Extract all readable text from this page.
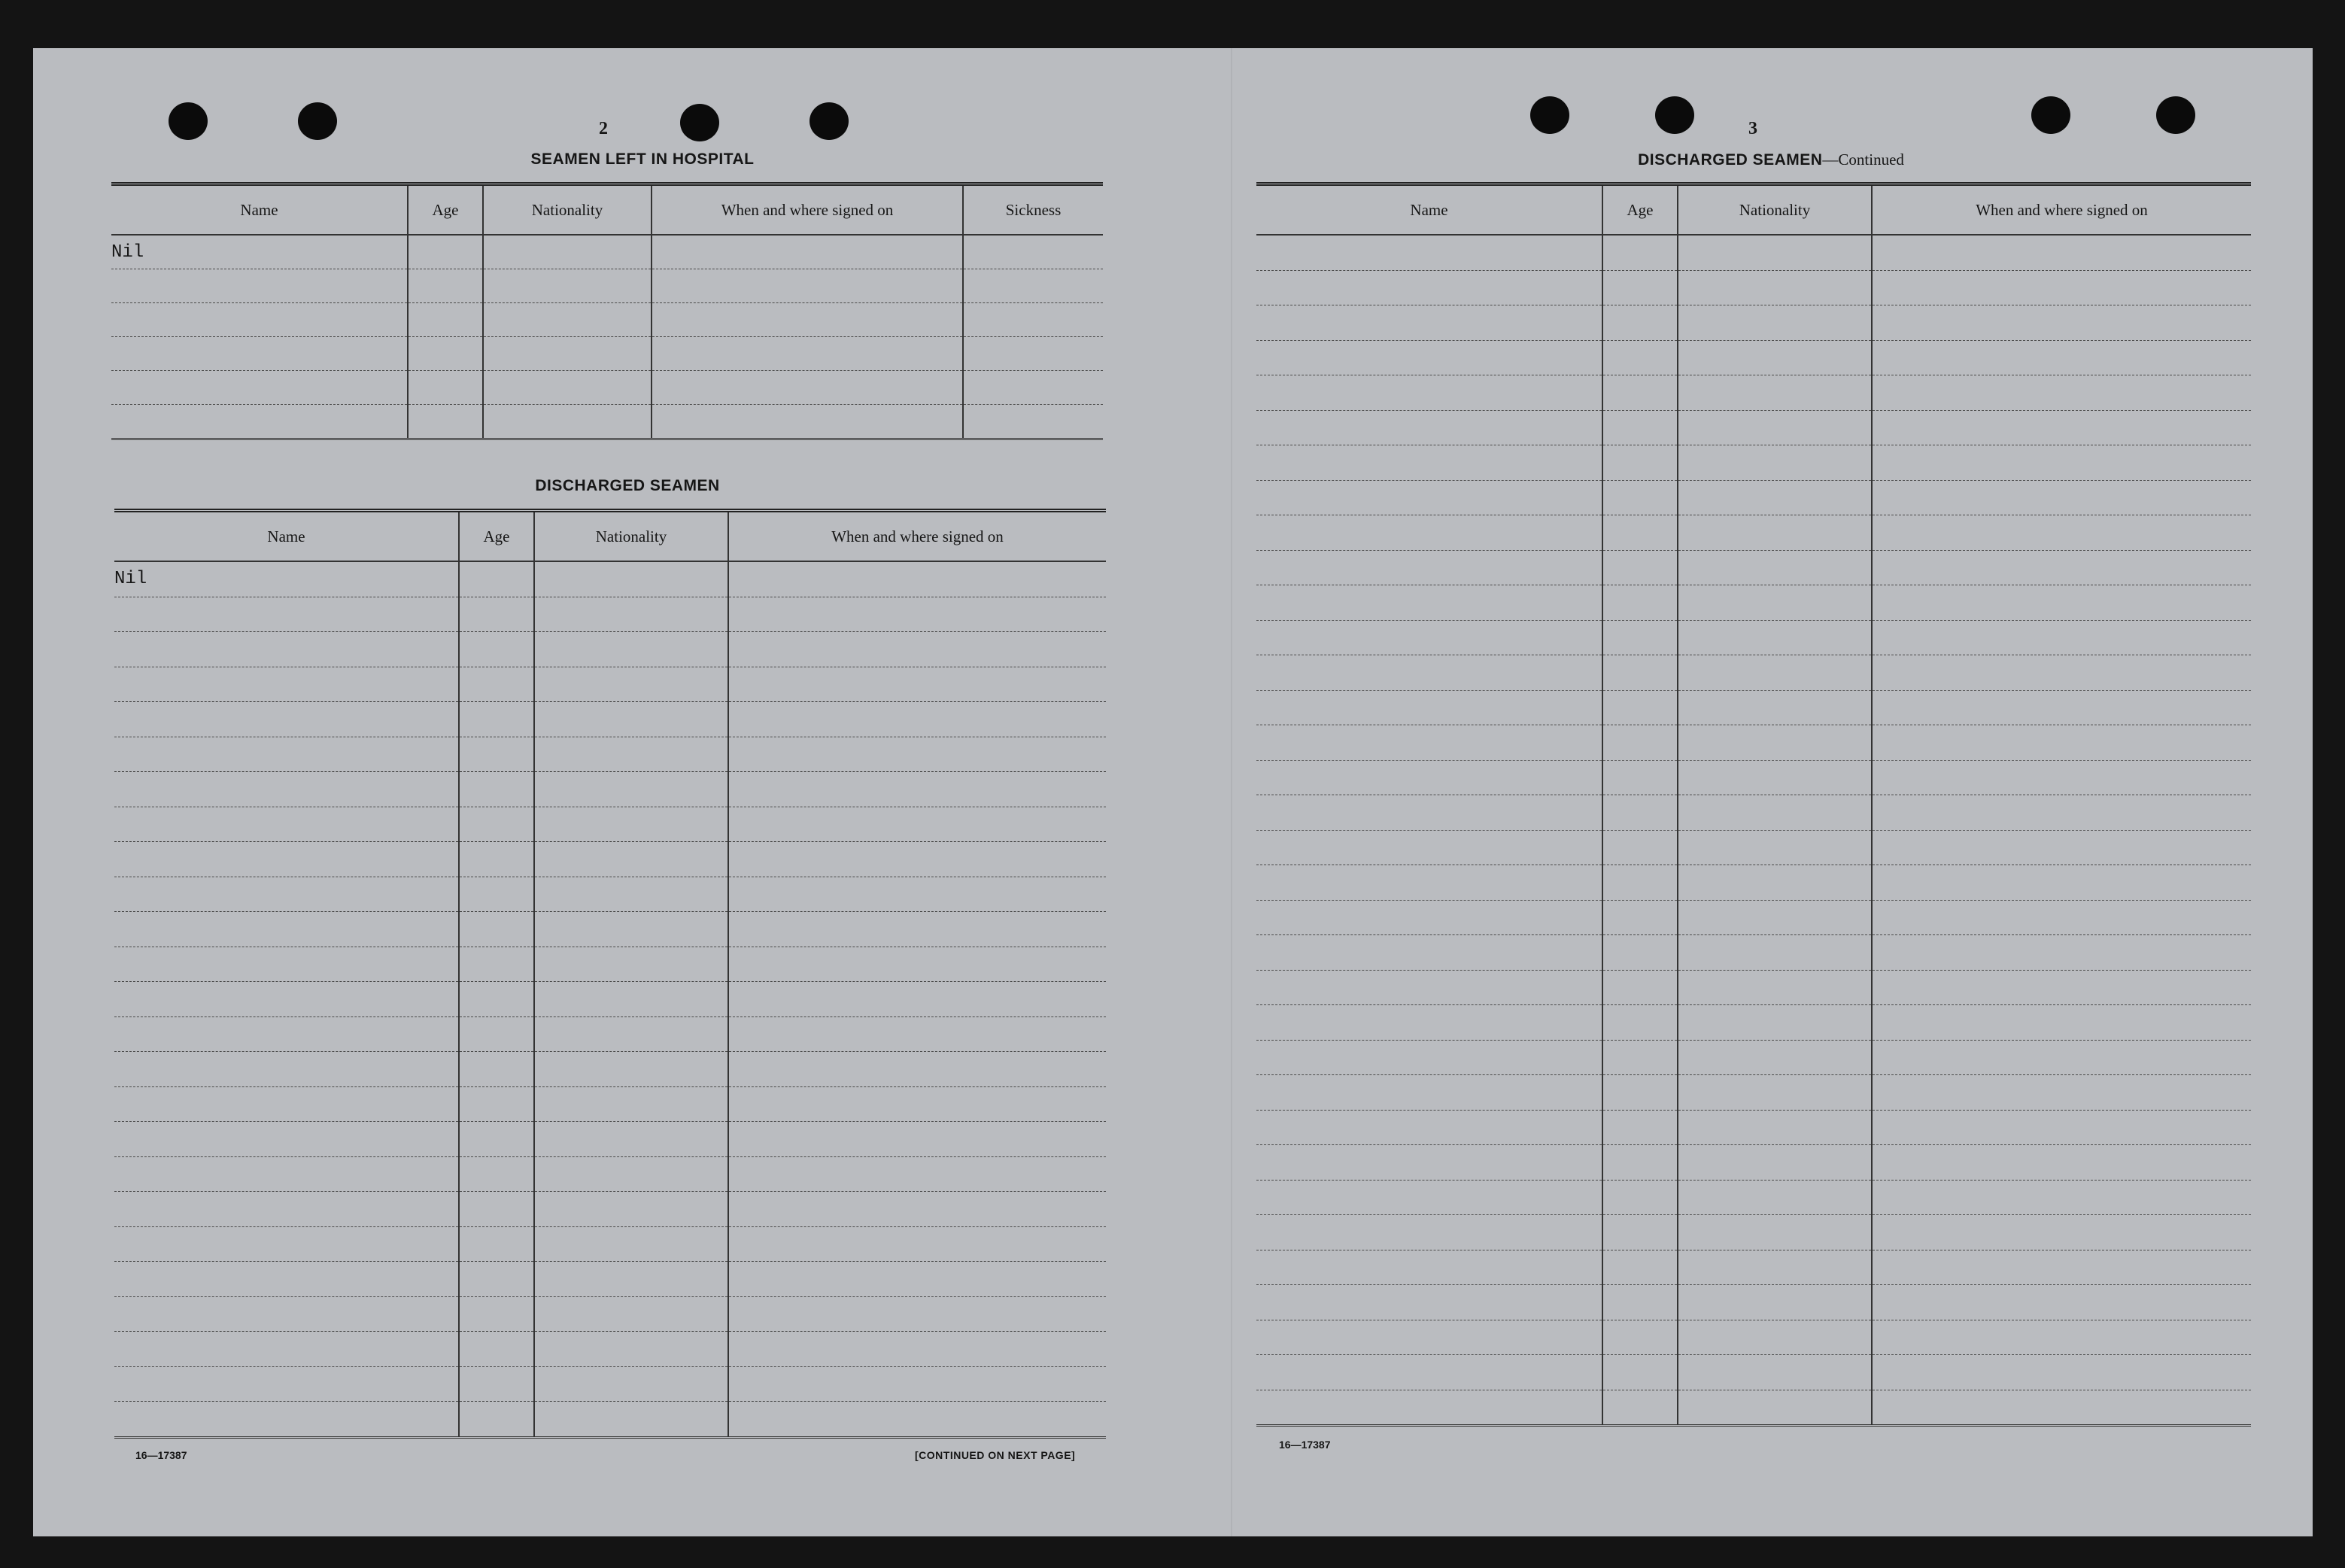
2
SEAMEN LEFT IN HOSPITAL
Name	Age	Nationality	When and where signed on	Sickness
Nil				

DISCHARGED SEAMEN
Name	Age	Nationality	When and where signed on
Nil			

16—17387	[CONTINUED ON NEXT PAGE]
3
DISCHARGED SEAMEN—Continued
Name	Age	Nationality	When and where signed on

16—17387
